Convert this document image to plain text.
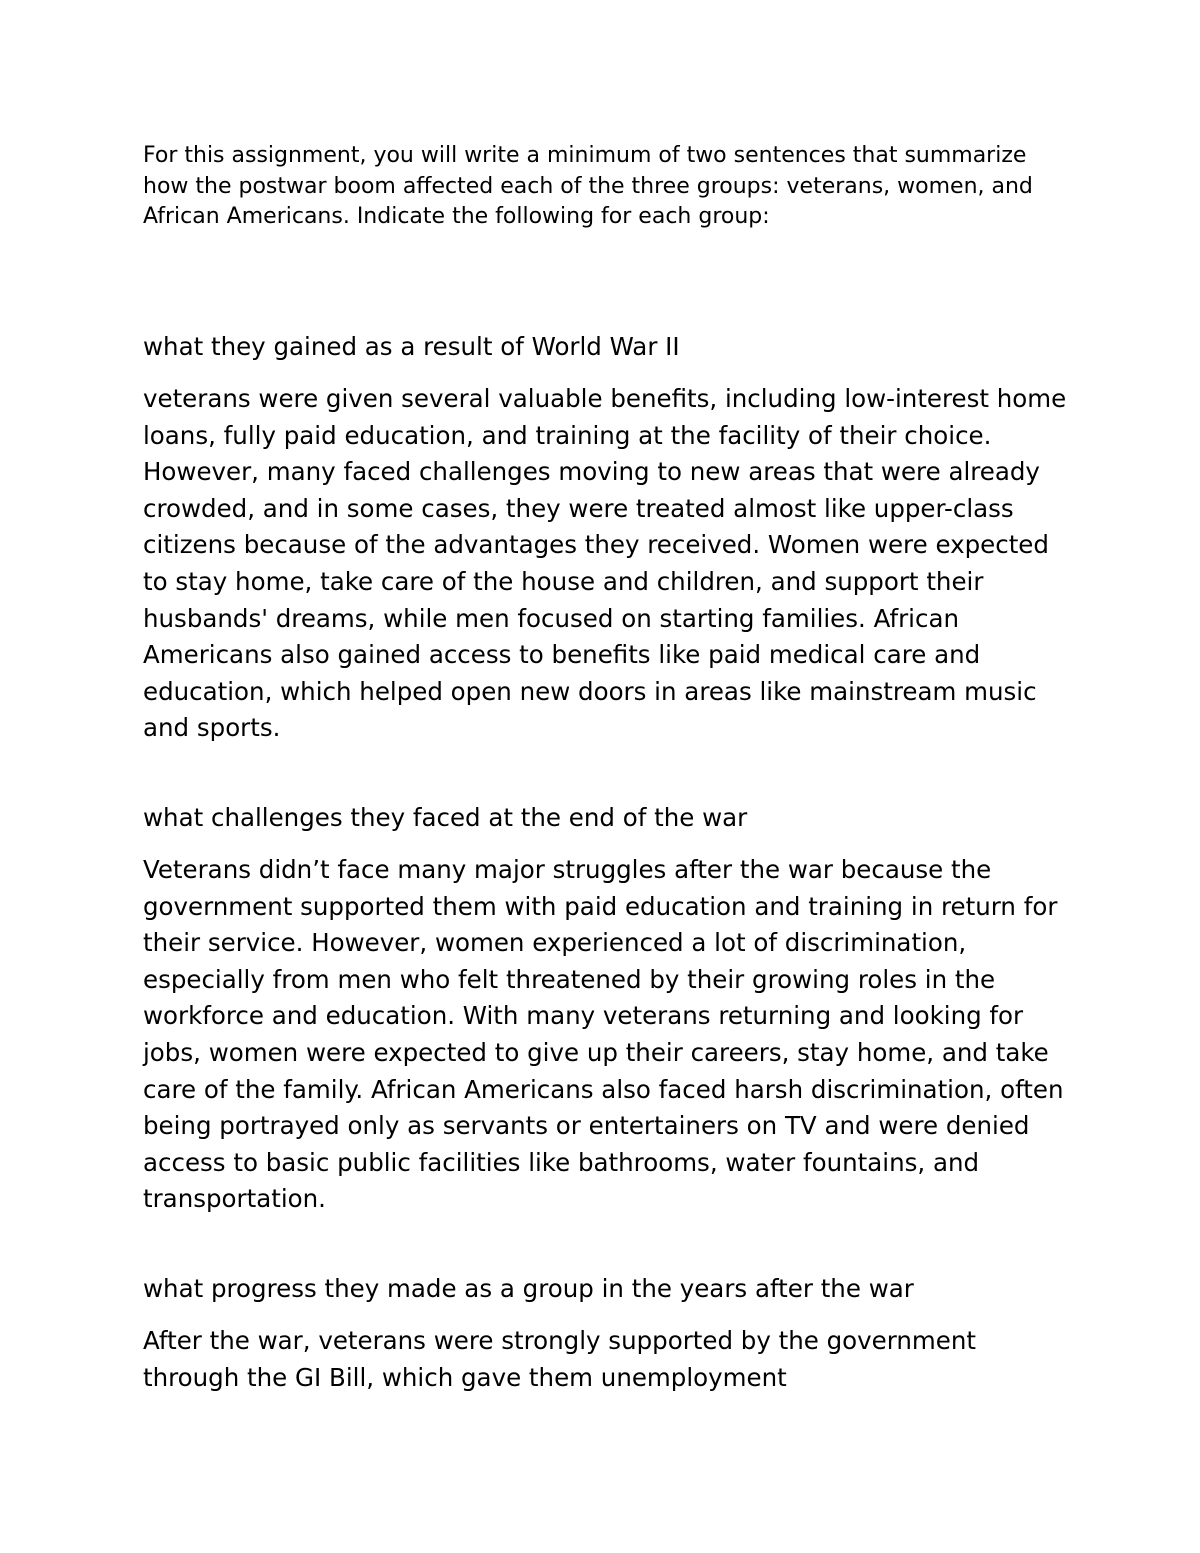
For this assignment, you will write a minimum of two sentences that summarize how the postwar boom affected each of the three groups: veterans, women, and African Americans. Indicate the following for each group:

what they gained as a result of World War II

veterans were given several valuable benefits, including low-interest home loans, fully paid education, and training at the facility of their choice. However, many faced challenges moving to new areas that were already crowded, and in some cases, they were treated almost like upper-class citizens because of the advantages they received. Women were expected to stay home, take care of the house and children, and support their husbands' dreams, while men focused on starting families. African Americans also gained access to benefits like paid medical care and education, which helped open new doors in areas like mainstream music and sports.

what challenges they faced at the end of the war

Veterans didn’t face many major struggles after the war because the government supported them with paid education and training in return for their service. However, women experienced a lot of discrimination, especially from men who felt threatened by their growing roles in the workforce and education. With many veterans returning and looking for jobs, women were expected to give up their careers, stay home, and take care of the family. African Americans also faced harsh discrimination, often being portrayed only as servants or entertainers on TV and were denied access to basic public facilities like bathrooms, water fountains, and transportation.

what progress they made as a group in the years after the war

After the war, veterans were strongly supported by the government through the GI Bill, which gave them unemployment
